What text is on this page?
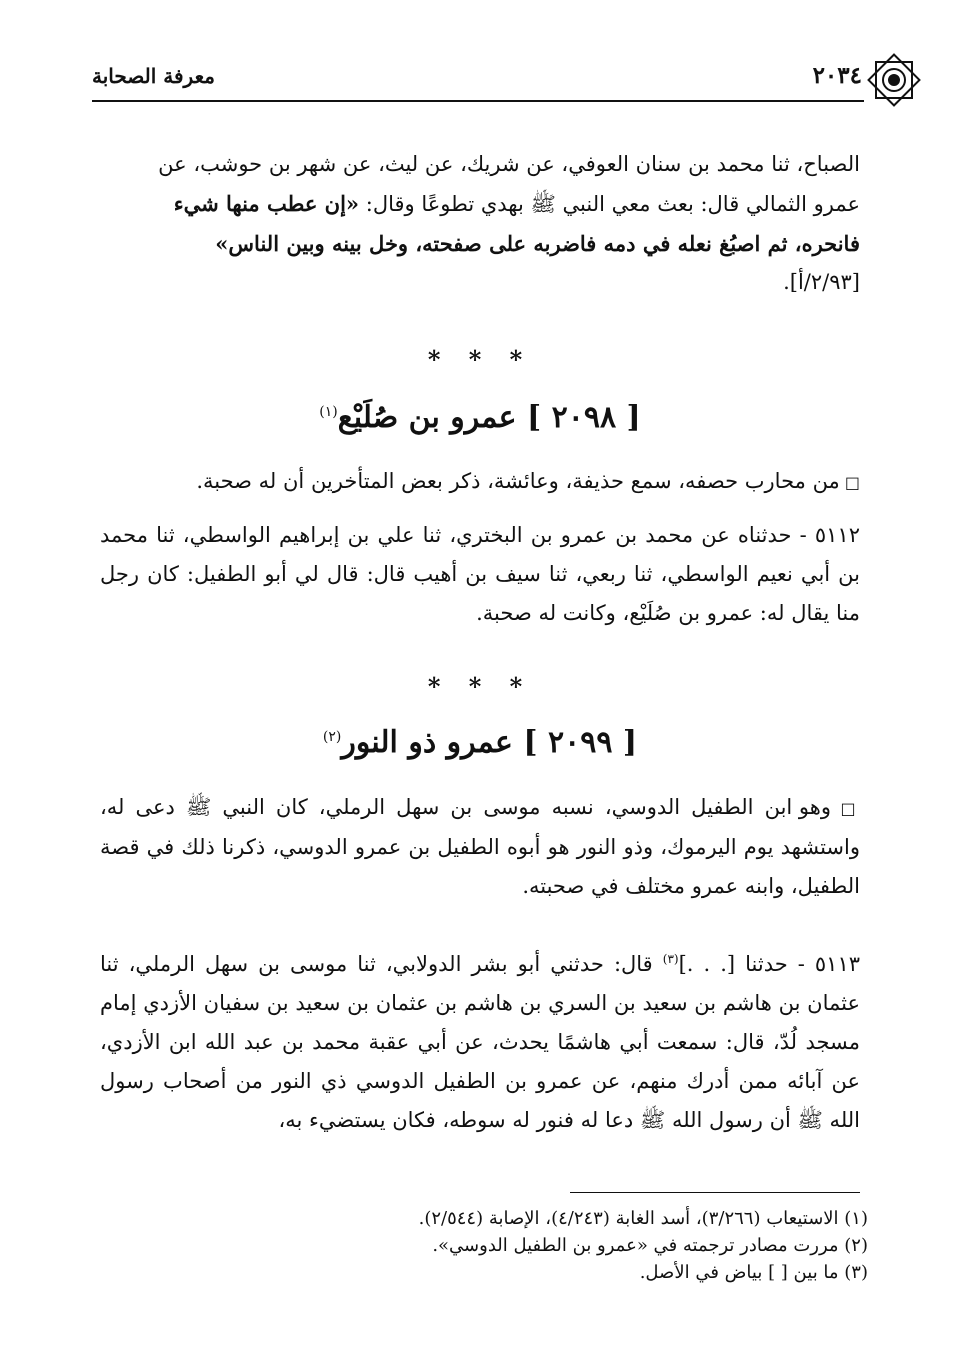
٢٠٣٤
معرفة الصحابة

الصباح، ثنا محمد بن سنان العوفي، عن شريك، عن ليث، عن شهر بن حوشب، عن

عمرو الثمالي قال: بعث معي النبي ﷺ بهدي تطوعًا وقال: «إن عطب منها شيء

فانحره، ثم اصبُغ نعله في دمه فاضربه على صفحته، وخل بينه وبين الناس»

[٢/٩٣/أ].

* * *
[ ٢٠٩٨ ] عمرو بن صُلَيْع$^{(١)}$

□ من محارب حصفه، سمع حذيفة، وعائشة، ذكر بعض المتأخرين أن له صحبة.

٥١١٢ - حدثناه عن محمد بن عمرو بن البختري، ثنا علي بن إبراهيم الواسطي، ثنا محمد بن أبي نعيم الواسطي، ثنا ربعي، ثنا سيف بن أهيب قال: قال لي أبو الطفيل: كان رجل منا يقال له: عمرو بن صُلَيْع، وكانت له صحبة.

* * *
[ ٢٠٩٩ ] عمرو ذو النور$^{(٢)}$

□ وهو ابن الطفيل الدوسي، نسبه موسى بن سهل الرملي، كان النبي ﷺ دعى له، واستشهد يوم اليرموك، وذو النور هو أبوه الطفيل بن عمرو الدوسي، ذكرنا ذلك في قصة الطفيل، وابنه عمرو مختلف في صحبته.

٥١١٣ - حدثنا [. . .]$^{(٣)}$ قال: حدثني أبو بشر الدولابي، ثنا موسى بن سهل الرملي، ثنا عثمان بن هاشم بن سعيد بن السري بن هاشم بن عثمان بن سعيد بن سفيان الأزدي إمام مسجد لُدّ، قال: سمعت أبي هاشمًا يحدث، عن أبي عقبة محمد بن عبد الله ابن الأزدي، عن آبائه ممن أدرك منهم، عن عمرو بن الطفيل الدوسي ذي النور من أصحاب رسول الله ﷺ أن رسول الله ﷺ دعا له فنور له سوطه، فكان يستضيء به،

(١) الاستيعاب (٣/٢٦٦)، أسد الغابة (٤/٢٤٣)، الإصابة (٢/٥٤٤).
(٢) مررت مصادر ترجمته في «عمرو بن الطفيل الدوسي».
(٣) ما بين [ ] بياض في الأصل.
